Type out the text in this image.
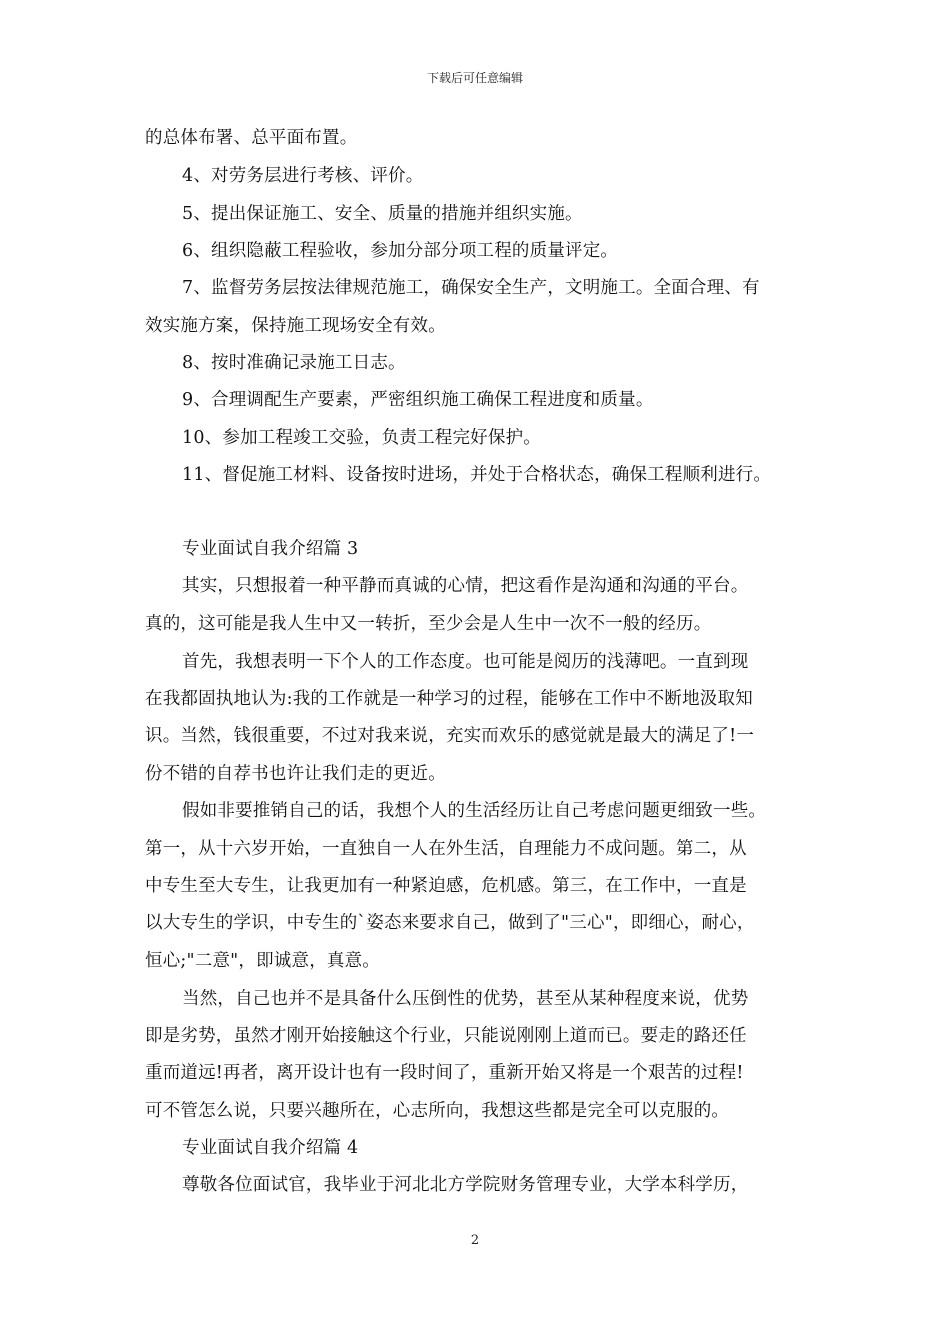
下载后可任意编辑
的总体布署、总平面布置。
4、对劳务层进行考核、评价。
5、提出保证施工、安全、质量的措施并组织实施。
6、组织隐蔽工程验收，参加分部分项工程的质量评定。
7、监督劳务层按法律规范施工，确保安全生产，文明施工。全面合理、有
效实施方案，保持施工现场安全有效。
8、按时准确记录施工日志。
9、合理调配生产要素，严密组织施工确保工程进度和质量。
10、参加工程竣工交验，负责工程完好保护。
11、督促施工材料、设备按时进场，并处于合格状态，确保工程顺利进行。
专业面试自我介绍篇 3
其实，只想报着一种平静而真诚的心情，把这看作是沟通和沟通的平台。
真的，这可能是我人生中又一转折，至少会是人生中一次不一般的经历。
首先，我想表明一下个人的工作态度。也可能是阅历的浅薄吧。一直到现
在我都固执地认为:我的工作就是一种学习的过程，能够在工作中不断地汲取知
识。当然，钱很重要，不过对我来说，充实而欢乐的感觉就是最大的满足了!一
份不错的自荐书也许让我们走的更近。
假如非要推销自己的话，我想个人的生活经历让自己考虑问题更细致一些。
第一，从十六岁开始，一直独自一人在外生活，自理能力不成问题。第二，从
中专生至大专生，让我更加有一种紧迫感，危机感。第三，在工作中，一直是
以大专生的学识，中专生的`姿态来要求自己，做到了"三心"，即细心，耐心，
恒心;"二意"，即诚意，真意。
当然，自己也并不是具备什么压倒性的优势，甚至从某种程度来说，优势
即是劣势，虽然才刚开始接触这个行业，只能说刚刚上道而已。要走的路还任
重而道远!再者，离开设计也有一段时间了，重新开始又将是一个艰苦的过程!
可不管怎么说，只要兴趣所在，心志所向，我想这些都是完全可以克服的。
专业面试自我介绍篇 4
尊敬各位面试官，我毕业于河北北方学院财务管理专业，大学本科学历，
2
